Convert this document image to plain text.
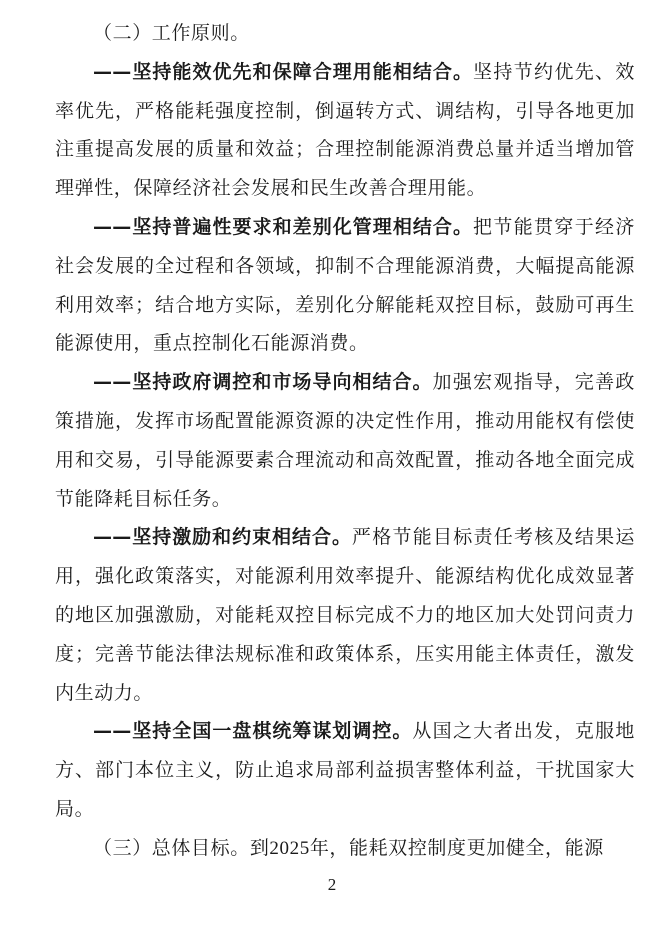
（二）工作原则。

——坚持能效优先和保障合理用能相结合。坚持节约优先、效率优先，严格能耗强度控制，倒逼转方式、调结构，引导各地更加注重提高发展的质量和效益；合理控制能源消费总量并适当增加管理弹性，保障经济社会发展和民生改善合理用能。

——坚持普遍性要求和差别化管理相结合。把节能贯穿于经济社会发展的全过程和各领域，抑制不合理能源消费，大幅提高能源利用效率；结合地方实际，差别化分解能耗双控目标，鼓励可再生能源使用，重点控制化石能源消费。

——坚持政府调控和市场导向相结合。加强宏观指导，完善政策措施，发挥市场配置能源资源的决定性作用，推动用能权有偿使用和交易，引导能源要素合理流动和高效配置，推动各地全面完成节能降耗目标任务。

——坚持激励和约束相结合。严格节能目标责任考核及结果运用，强化政策落实，对能源利用效率提升、能源结构优化成效显著的地区加强激励，对能耗双控目标完成不力的地区加大处罚问责力度；完善节能法律法规标准和政策体系，压实用能主体责任，激发内生动力。

——坚持全国一盘棋统筹谋划调控。从国之大者出发，克服地方、部门本位主义，防止追求局部利益损害整体利益，干扰国家大局。

（三）总体目标。到2025年，能耗双控制度更加健全，能源

2
